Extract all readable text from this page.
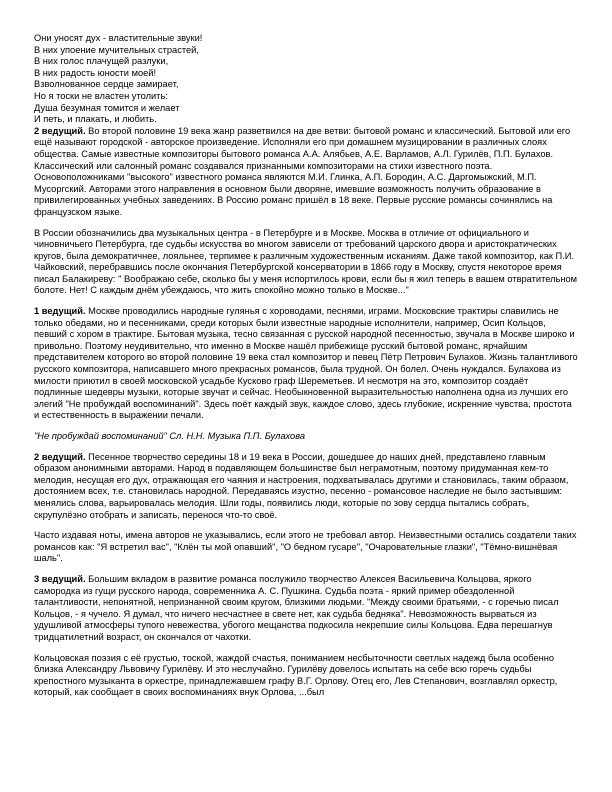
Они уносят дух - властительные звуки!
В них упоение мучительных страстей,
В них голос плачущей разлуки,
В них радость юности моей!
Взволнованное сердце замирает,
Но я тоски не властен утолить:
Душа безумная томится и желает
И петь, и плакать, и любить.

2 ведущий. Во второй половине 19 века жанр разветвился на две ветви: бытовой романс и классический. Бытовой или его ещё называют городской - авторское произведение. Исполняли его при домашнем музицировании в различных слоях общества. Самые известные композиторы бытового романса А.А. Алябьев, А.Е. Варламов, А.Л. Гурилёв, П.П. Булахов. Классический или салонный романс создавался признанными композиторами на стихи известного поэта. Основоположниками "высокого" известного романса являются М.И. Глинка, А.П. Бородин, А.С. Даргомыжский, М.П. Мусоргский. Авторами этого направления в основном были дворяне, имевшие возможность получить образование в привилегированных учебных заведениях. В Россию романс пришёл в 18 веке. Первые русские романсы сочинялись на французском языке.

В России обозначились два музыкальных центра - в Петербурге и в Москве. Москва в отличие от официального и чиновничьего Петербурга, где судьбы искусства во многом зависели от требований царского двора и аристократических кругов, была демократичнее, лояльнее, терпимее к различным художественным исканиям. Даже такой композитор, как П.И. Чайковский, перебравшись после окончания Петербургской консерватории в 1866 году в Москву, спустя некоторое время писал Балакиреву: " Воображаю себе, сколько бы у меня испортилось крови, если бы я жил теперь в вашем отвратительном болоте. Нет! С каждым днём убеждаюсь, что жить спокойно можно только в Москве..."

1 ведущий. Москве проводились народные гулянья с хороводами, песнями, играми. Московские трактиры славились не только обедами, но и песенниками, среди которых были известные народные исполнители, например, Осип Кольцов, певший с хором в трактире. Бытовая музыка, тесно связанная с русской народной песенностью, звучала в Москве широко и привольно. Поэтому неудивительно, что именно в Москве нашёл прибежище русский бытовой романс, ярчайшим представителем которого во второй половине 19 века стал композитор и певец Пётр Петрович Булахов. Жизнь талантливого русского композитора, написавшего много прекрасных романсов, была трудной. Он болел. Очень нуждался. Булахова из милости приютил в своей московской усадьбе Кусково граф Шереметьев. И несмотря на это, композитор создаёт подлинные шедевры музыки, которые звучат и сейчас. Необыкновенной выразительностью наполнена одна из лучших его элегий "Не пробуждай воспоминаний". Здесь поёт каждый звук, каждое слово, здесь глубокие, искренние чувства, простота и естественность в выражении печали.

"Не пробуждай воспоминаний" Сл. Н.Н. Музыка П.П. Булахова

2 ведущий. Песенное творчество середины 18 и 19 века в России, дошедшее до наших дней, представлено главным образом анонимными авторами. Народ в подавляющем большинстве был неграмотным, поэтому придуманная кем-то мелодия, несущая его дух, отражающая его чаяния и настроения, подхватывалась другими и становилась, таким образом, достоянием всех, т.е. становилась народной. Передаваясь изустно, песенно - романсовое наследие не было застывшим: менялись слова, варьировалась мелодия. Шли годы, появились люди, которые по зову сердца пытались собрать, скрупулёзно отобрать и записать, перенося что-то своё.

Часто издавая ноты, имена авторов не указывались, если этого не требовал автор. Неизвестными остались создатели таких романсов как: "Я встретил вас", "Клён ты мой опавший", "О бедном гусаре", "Очаровательные глазки", "Тёмно-вишнёвая шаль".

3 ведущий. Большим вкладом в развитие романса послужило творчество Алексея Васильевича Кольцова, яркого самородка из гущи русского народа, современника А. С. Пушкина. Судьба поэта - яркий пример обездоленной талантливости, непонятной, непризнанной своим кругом, близкими людьми. "Между своими братьями, - с горечью писал Кольцов, - я чучело. Я думал, что ничего несчастнее в свете нет, как судьба бедняка". Невозможность вырваться из удушливой атмосферы тупого невежества, убогого мещанства подкосила некрепшие силы Кольцова. Едва перешагнув тридцатилетний возраст, он скончался от чахотки.

Кольцовская поэзия с её грустью, тоской, жаждой счастья, пониманием несбыточности светлых надежд была особенно близка Александру Львовичу Гурилёву. И это неслучайно. Гурилёву довелось испытать на себе всю горечь судьбы крепостного музыканта в оркестре, принадлежавшем графу В.Г. Орлову. Отец его, Лев Степанович, возглавлял оркестр, который, как сообщает в своих воспоминаниях внук Орлова, ...был
